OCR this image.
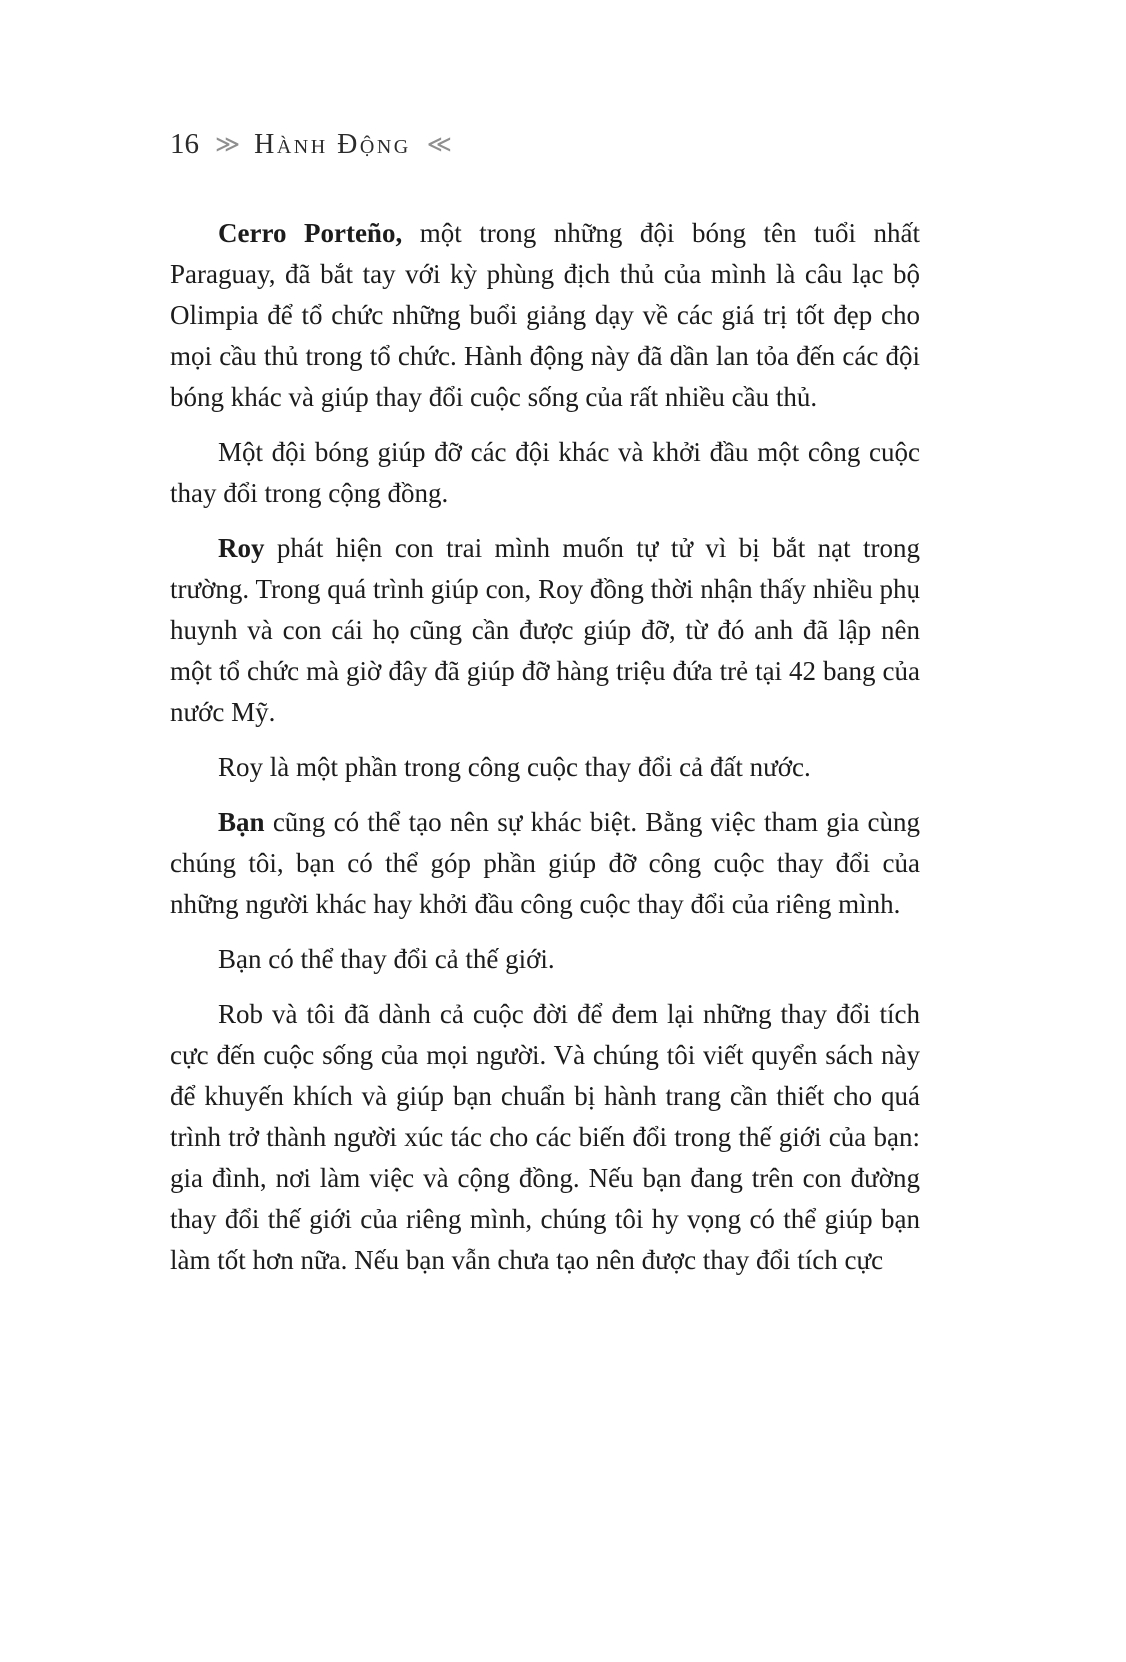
16 ≫ Hành Động ≪

Cerro Porteño, một trong những đội bóng tên tuổi nhất Paraguay, đã bắt tay với kỳ phùng địch thủ của mình là câu lạc bộ Olimpia để tổ chức những buổi giảng dạy về các giá trị tốt đẹp cho mọi cầu thủ trong tổ chức. Hành động này đã dần lan tỏa đến các đội bóng khác và giúp thay đổi cuộc sống của rất nhiều cầu thủ.

Một đội bóng giúp đỡ các đội khác và khởi đầu một công cuộc thay đổi trong cộng đồng.

Roy phát hiện con trai mình muốn tự tử vì bị bắt nạt trong trường. Trong quá trình giúp con, Roy đồng thời nhận thấy nhiều phụ huynh và con cái họ cũng cần được giúp đỡ, từ đó anh đã lập nên một tổ chức mà giờ đây đã giúp đỡ hàng triệu đứa trẻ tại 42 bang của nước Mỹ.

Roy là một phần trong công cuộc thay đổi cả đất nước.

Bạn cũng có thể tạo nên sự khác biệt. Bằng việc tham gia cùng chúng tôi, bạn có thể góp phần giúp đỡ công cuộc thay đổi của những người khác hay khởi đầu công cuộc thay đổi của riêng mình.

Bạn có thể thay đổi cả thế giới.

Rob và tôi đã dành cả cuộc đời để đem lại những thay đổi tích cực đến cuộc sống của mọi người. Và chúng tôi viết quyển sách này để khuyến khích và giúp bạn chuẩn bị hành trang cần thiết cho quá trình trở thành người xúc tác cho các biến đổi trong thế giới của bạn: gia đình, nơi làm việc và cộng đồng. Nếu bạn đang trên con đường thay đổi thế giới của riêng mình, chúng tôi hy vọng có thể giúp bạn làm tốt hơn nữa. Nếu bạn vẫn chưa tạo nên được thay đổi tích cực
